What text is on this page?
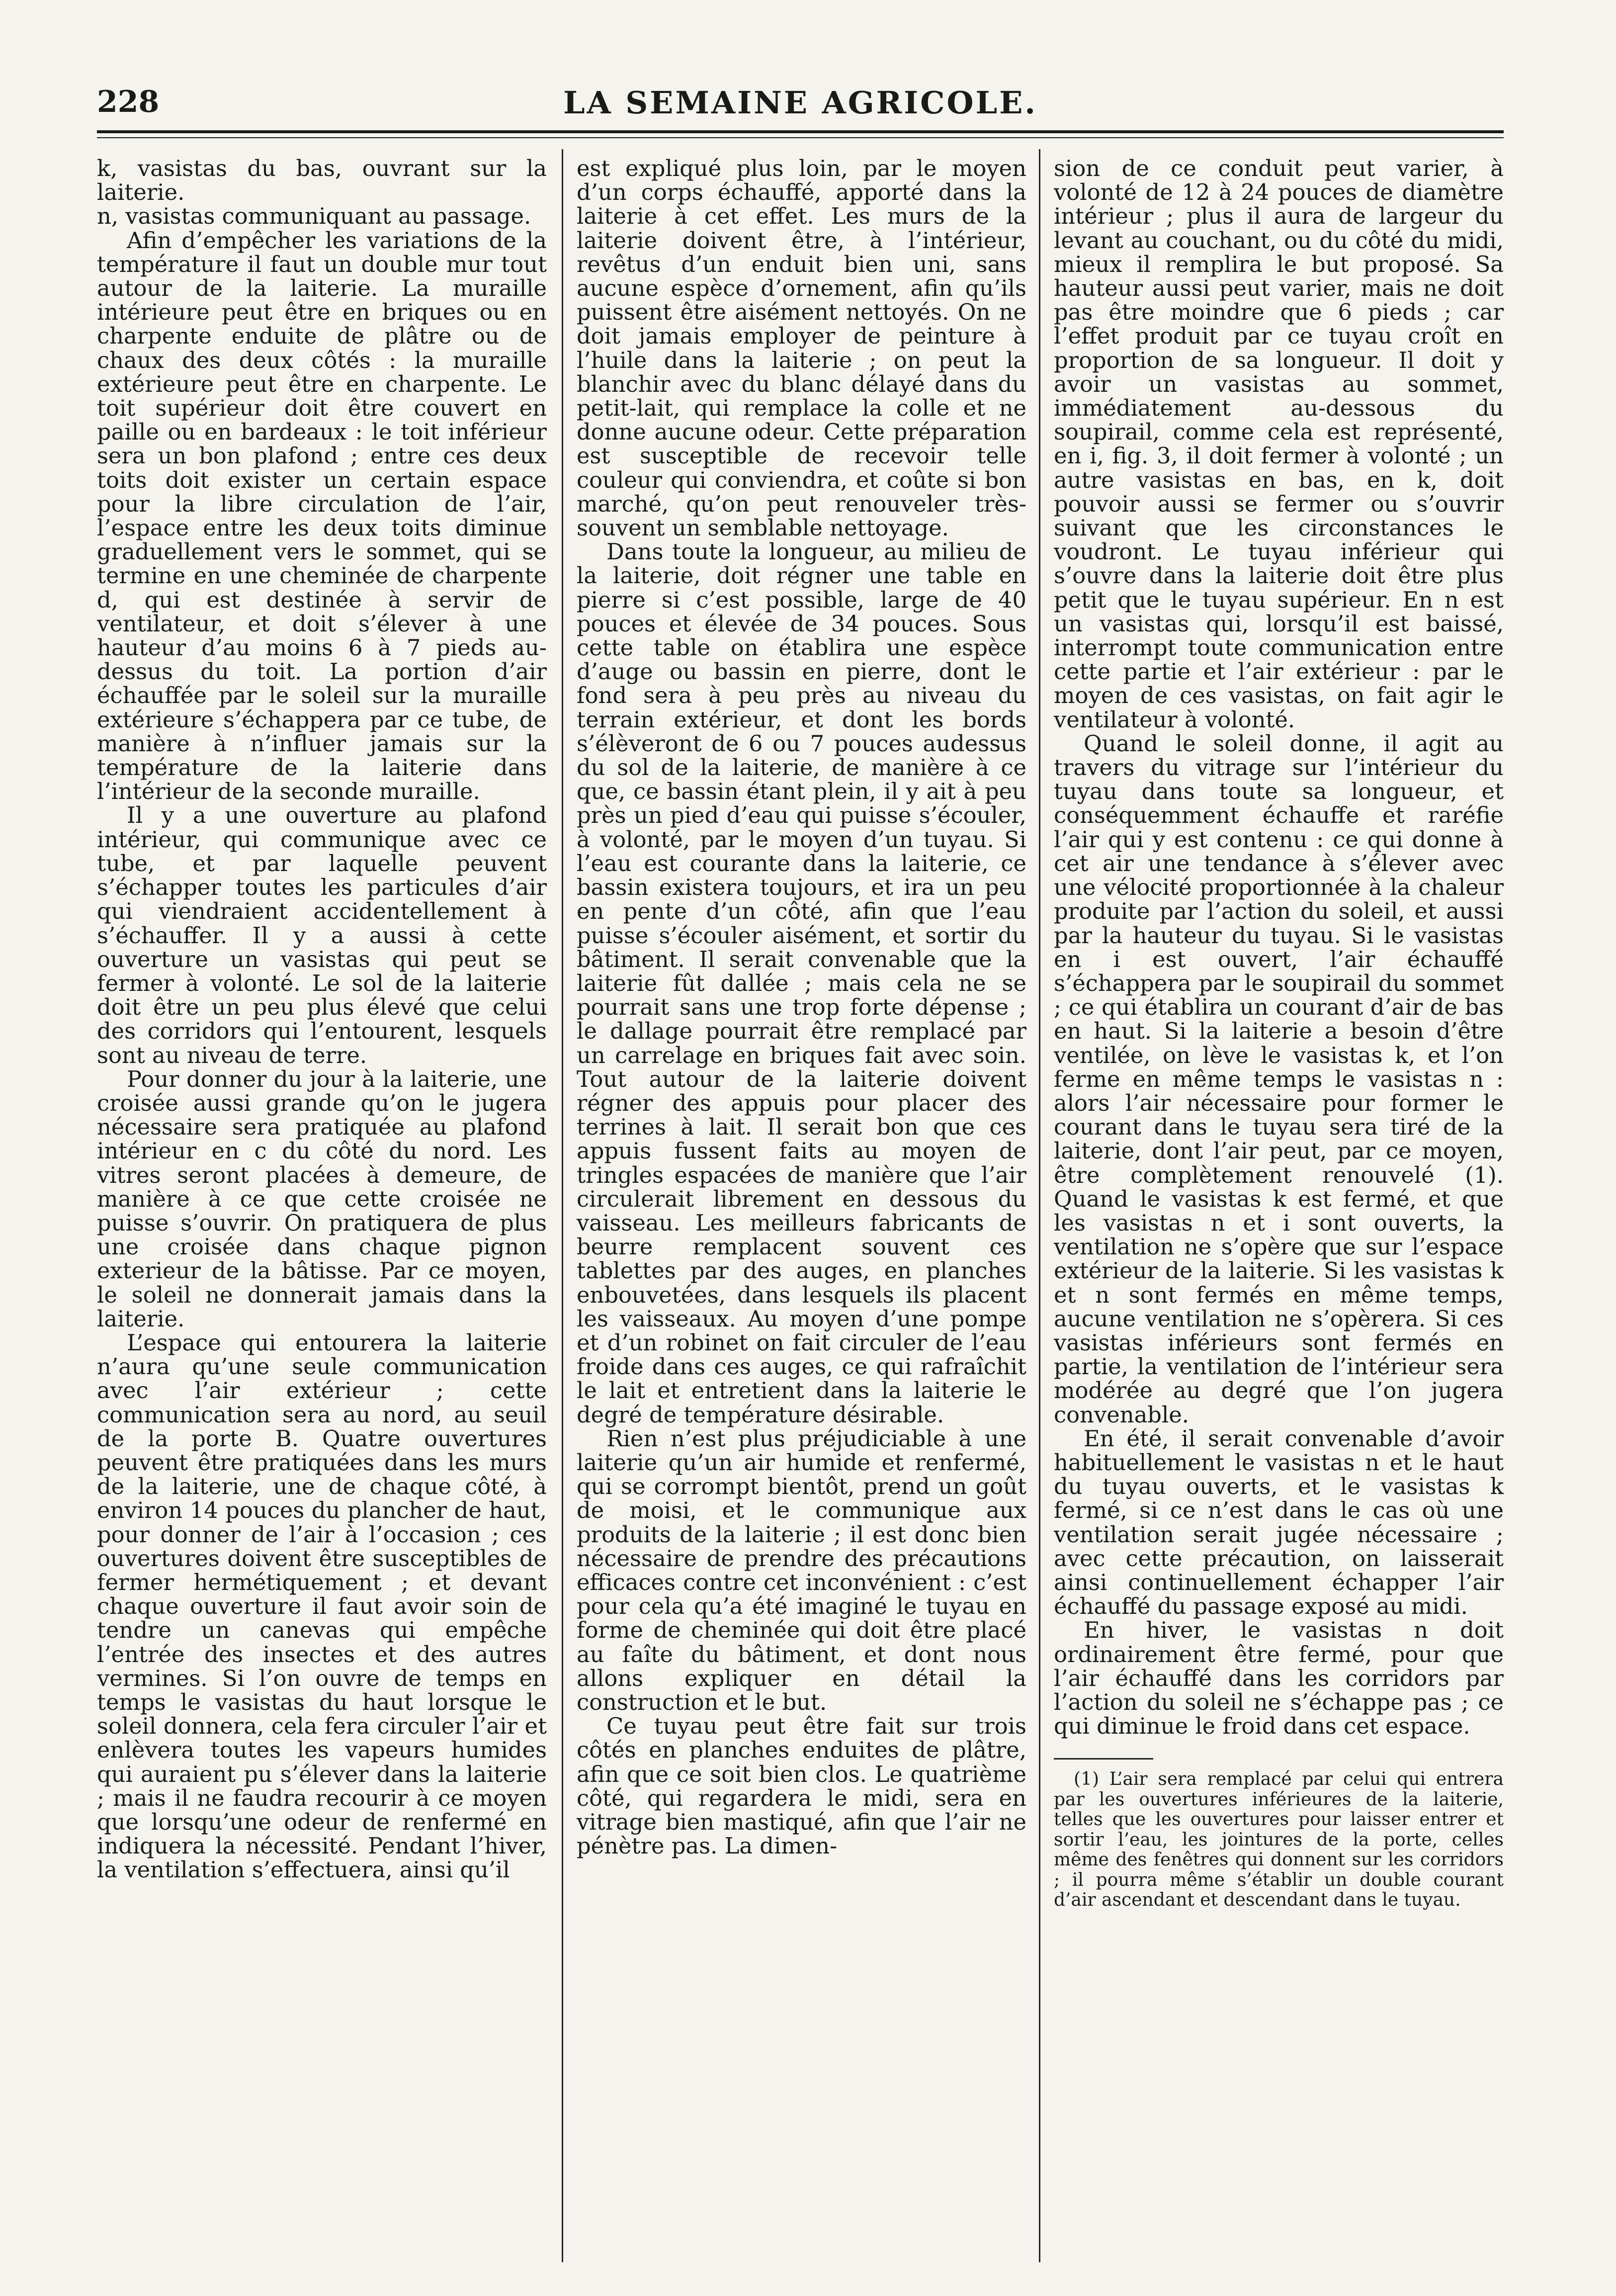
228	LA SEMAINE AGRICOLE.

k, vasistas du bas, ouvrant sur la laiterie.

n, vasistas communiquant au passage.

Afin d’empêcher les variations de la température il faut un double mur tout autour de la laiterie. La muraille intérieure peut être en briques ou en charpente enduite de plâtre ou de chaux des deux côtés : la muraille extérieure peut être en charpente. Le toit supérieur doit être couvert en paille ou en bardeaux : le toit inférieur sera un bon plafond ; entre ces deux toits doit exister un certain espace pour la libre circulation de l’air, l’espace entre les deux toits diminue graduellement vers le sommet, qui se termine en une cheminée de charpente d, qui est destinée à servir de ventilateur, et doit s’élever à une hauteur d’au moins 6 à 7 pieds au-dessus du toit. La portion d’air échauffée par le soleil sur la muraille extérieure s’échappera par ce tube, de manière à n’influer jamais sur la température de la laiterie dans l’intérieur de la seconde muraille.

Il y a une ouverture au plafond intérieur, qui communique avec ce tube, et par laquelle peuvent s’échapper toutes les particules d’air qui viendraient accidentellement à s’échauffer. Il y a aussi à cette ouverture un vasistas qui peut se fermer à volonté. Le sol de la laiterie doit être un peu plus élevé que celui des corridors qui l’entourent, lesquels sont au niveau de terre.

Pour donner du jour à la laiterie, une croisée aussi grande qu’on le jugera nécessaire sera pratiquée au plafond intérieur en c du côté du nord. Les vitres seront placées à demeure, de manière à ce que cette croisée ne puisse s’ouvrir. On pratiquera de plus une croisée dans chaque pignon exterieur de la bâtisse. Par ce moyen, le soleil ne donnerait jamais dans la laiterie.

L’espace qui entourera la laiterie n’aura qu’une seule communication avec l’air extérieur ; cette communication sera au nord, au seuil de la porte B. Quatre ouvertures peuvent être pratiquées dans les murs de la laiterie, une de chaque côté, à environ 14 pouces du plancher de haut, pour donner de l’air à l’occasion ; ces ouvertures doivent être susceptibles de fermer hermétiquement ; et devant chaque ouverture il faut avoir soin de tendre un canevas qui empêche l’entrée des insectes et des autres vermines. Si l’on ouvre de temps en temps le vasistas du haut lorsque le soleil donnera, cela fera circuler l’air et enlèvera toutes les vapeurs humides qui auraient pu s’élever dans la laiterie ; mais il ne faudra recourir à ce moyen que lorsqu’une odeur de renfermé en indiquera la nécessité. Pendant l’hiver, la ventilation s’effectuera, ainsi qu’il

est expliqué plus loin, par le moyen d’un corps échauffé, apporté dans la laiterie à cet effet. Les murs de la laiterie doivent être, à l’intérieur, revêtus d’un enduit bien uni, sans aucune espèce d’ornement, afin qu’ils puissent être aisément nettoyés. On ne doit jamais employer de peinture à l’huile dans la laiterie ; on peut la blanchir avec du blanc délayé dans du petit-lait, qui remplace la colle et ne donne aucune odeur. Cette préparation est susceptible de recevoir telle couleur qui conviendra, et coûte si bon marché, qu’on peut renouveler très-souvent un semblable nettoyage.

Dans toute la longueur, au milieu de la laiterie, doit régner une table en pierre si c’est possible, large de 40 pouces et élevée de 34 pouces. Sous cette table on établira une espèce d’auge ou bassin en pierre, dont le fond sera à peu près au niveau du terrain extérieur, et dont les bords s’élèveront de 6 ou 7 pouces audessus du sol de la laiterie, de manière à ce que, ce bassin étant plein, il y ait à peu près un pied d’eau qui puisse s’écouler, à volonté, par le moyen d’un tuyau. Si l’eau est courante dans la laiterie, ce bassin existera toujours, et ira un peu en pente d’un côté, afin que l’eau puisse s’écouler aisément, et sortir du bâtiment. Il serait convenable que la laiterie fût dallée ; mais cela ne se pourrait sans une trop forte dépense ; le dallage pourrait être remplacé par un carrelage en briques fait avec soin. Tout autour de la laiterie doivent régner des appuis pour placer des terrines à lait. Il serait bon que ces appuis fussent faits au moyen de tringles espacées de manière que l’air circulerait librement en dessous du vaisseau. Les meilleurs fabricants de beurre remplacent souvent ces tablettes par des auges, en planches enbouvetées, dans lesquels ils placent les vaisseaux. Au moyen d’une pompe et d’un robinet on fait circuler de l’eau froide dans ces auges, ce qui rafraîchit le lait et entretient dans la laiterie le degré de température désirable.

Rien n’est plus préjudiciable à une laiterie qu’un air humide et renfermé, qui se corrompt bientôt, prend un goût de moisi, et le communique aux produits de la laiterie ; il est donc bien nécessaire de prendre des précautions efficaces contre cet inconvénient : c’est pour cela qu’a été imaginé le tuyau en forme de cheminée qui doit être placé au faîte du bâtiment, et dont nous allons expliquer en détail la construction et le but.

Ce tuyau peut être fait sur trois côtés en planches enduites de plâtre, afin que ce soit bien clos. Le quatrième côté, qui regardera le midi, sera en vitrage bien mastiqué, afin que l’air ne pénètre pas. La dimen-

sion de ce conduit peut varier, à volonté de 12 à 24 pouces de diamètre intérieur ; plus il aura de largeur du levant au couchant, ou du côté du midi, mieux il remplira le but proposé. Sa hauteur aussi peut varier, mais ne doit pas être moindre que 6 pieds ; car l’effet produit par ce tuyau croît en proportion de sa longueur. Il doit y avoir un vasistas au sommet, immédiatement au-dessous du soupirail, comme cela est représenté, en i, fig. 3, il doit fermer à volonté ; un autre vasistas en bas, en k, doit pouvoir aussi se fermer ou s’ouvrir suivant que les circonstances le voudront. Le tuyau inférieur qui s’ouvre dans la laiterie doit être plus petit que le tuyau supérieur. En n est un vasistas qui, lorsqu’il est baissé, interrompt toute communication entre cette partie et l’air extérieur : par le moyen de ces vasistas, on fait agir le ventilateur à volonté.

Quand le soleil donne, il agit au travers du vitrage sur l’intérieur du tuyau dans toute sa longueur, et conséquemment échauffe et raréfie l’air qui y est contenu : ce qui donne à cet air une tendance à s’élever avec une vélocité proportionnée à la chaleur produite par l’action du soleil, et aussi par la hauteur du tuyau. Si le vasistas en i est ouvert, l’air échauffé s’échappera par le soupirail du sommet ; ce qui établira un courant d’air de bas en haut. Si la laiterie a besoin d’être ventilée, on lève le vasistas k, et l’on ferme en même temps le vasistas n : alors l’air nécessaire pour former le courant dans le tuyau sera tiré de la laiterie, dont l’air peut, par ce moyen, être complètement renouvelé (1). Quand le vasistas k est fermé, et que les vasistas n et i sont ouverts, la ventilation ne s’opère que sur l’espace extérieur de la laiterie. Si les vasistas k et n sont fermés en même temps, aucune ventilation ne s’opèrera. Si ces vasistas inférieurs sont fermés en partie, la ventilation de l’intérieur sera modérée au degré que l’on jugera convenable.

En été, il serait convenable d’avoir habituellement le vasistas n et le haut du tuyau ouverts, et le vasistas k fermé, si ce n’est dans le cas où une ventilation serait jugée nécessaire ; avec cette précaution, on laisserait ainsi continuellement échapper l’air échauffé du passage exposé au midi.

En hiver, le vasistas n doit ordinairement être fermé, pour que l’air échauffé dans les corridors par l’action du soleil ne s’échappe pas ; ce qui diminue le froid dans cet espace.

(1) L’air sera remplacé par celui qui entrera par les ouvertures inférieures de la laiterie, telles que les ouvertures pour laisser entrer et sortir l’eau, les jointures de la porte, celles même des fenêtres qui donnent sur les corridors ; il pourra même s’établir un double courant d’air ascendant et descendant dans le tuyau.
